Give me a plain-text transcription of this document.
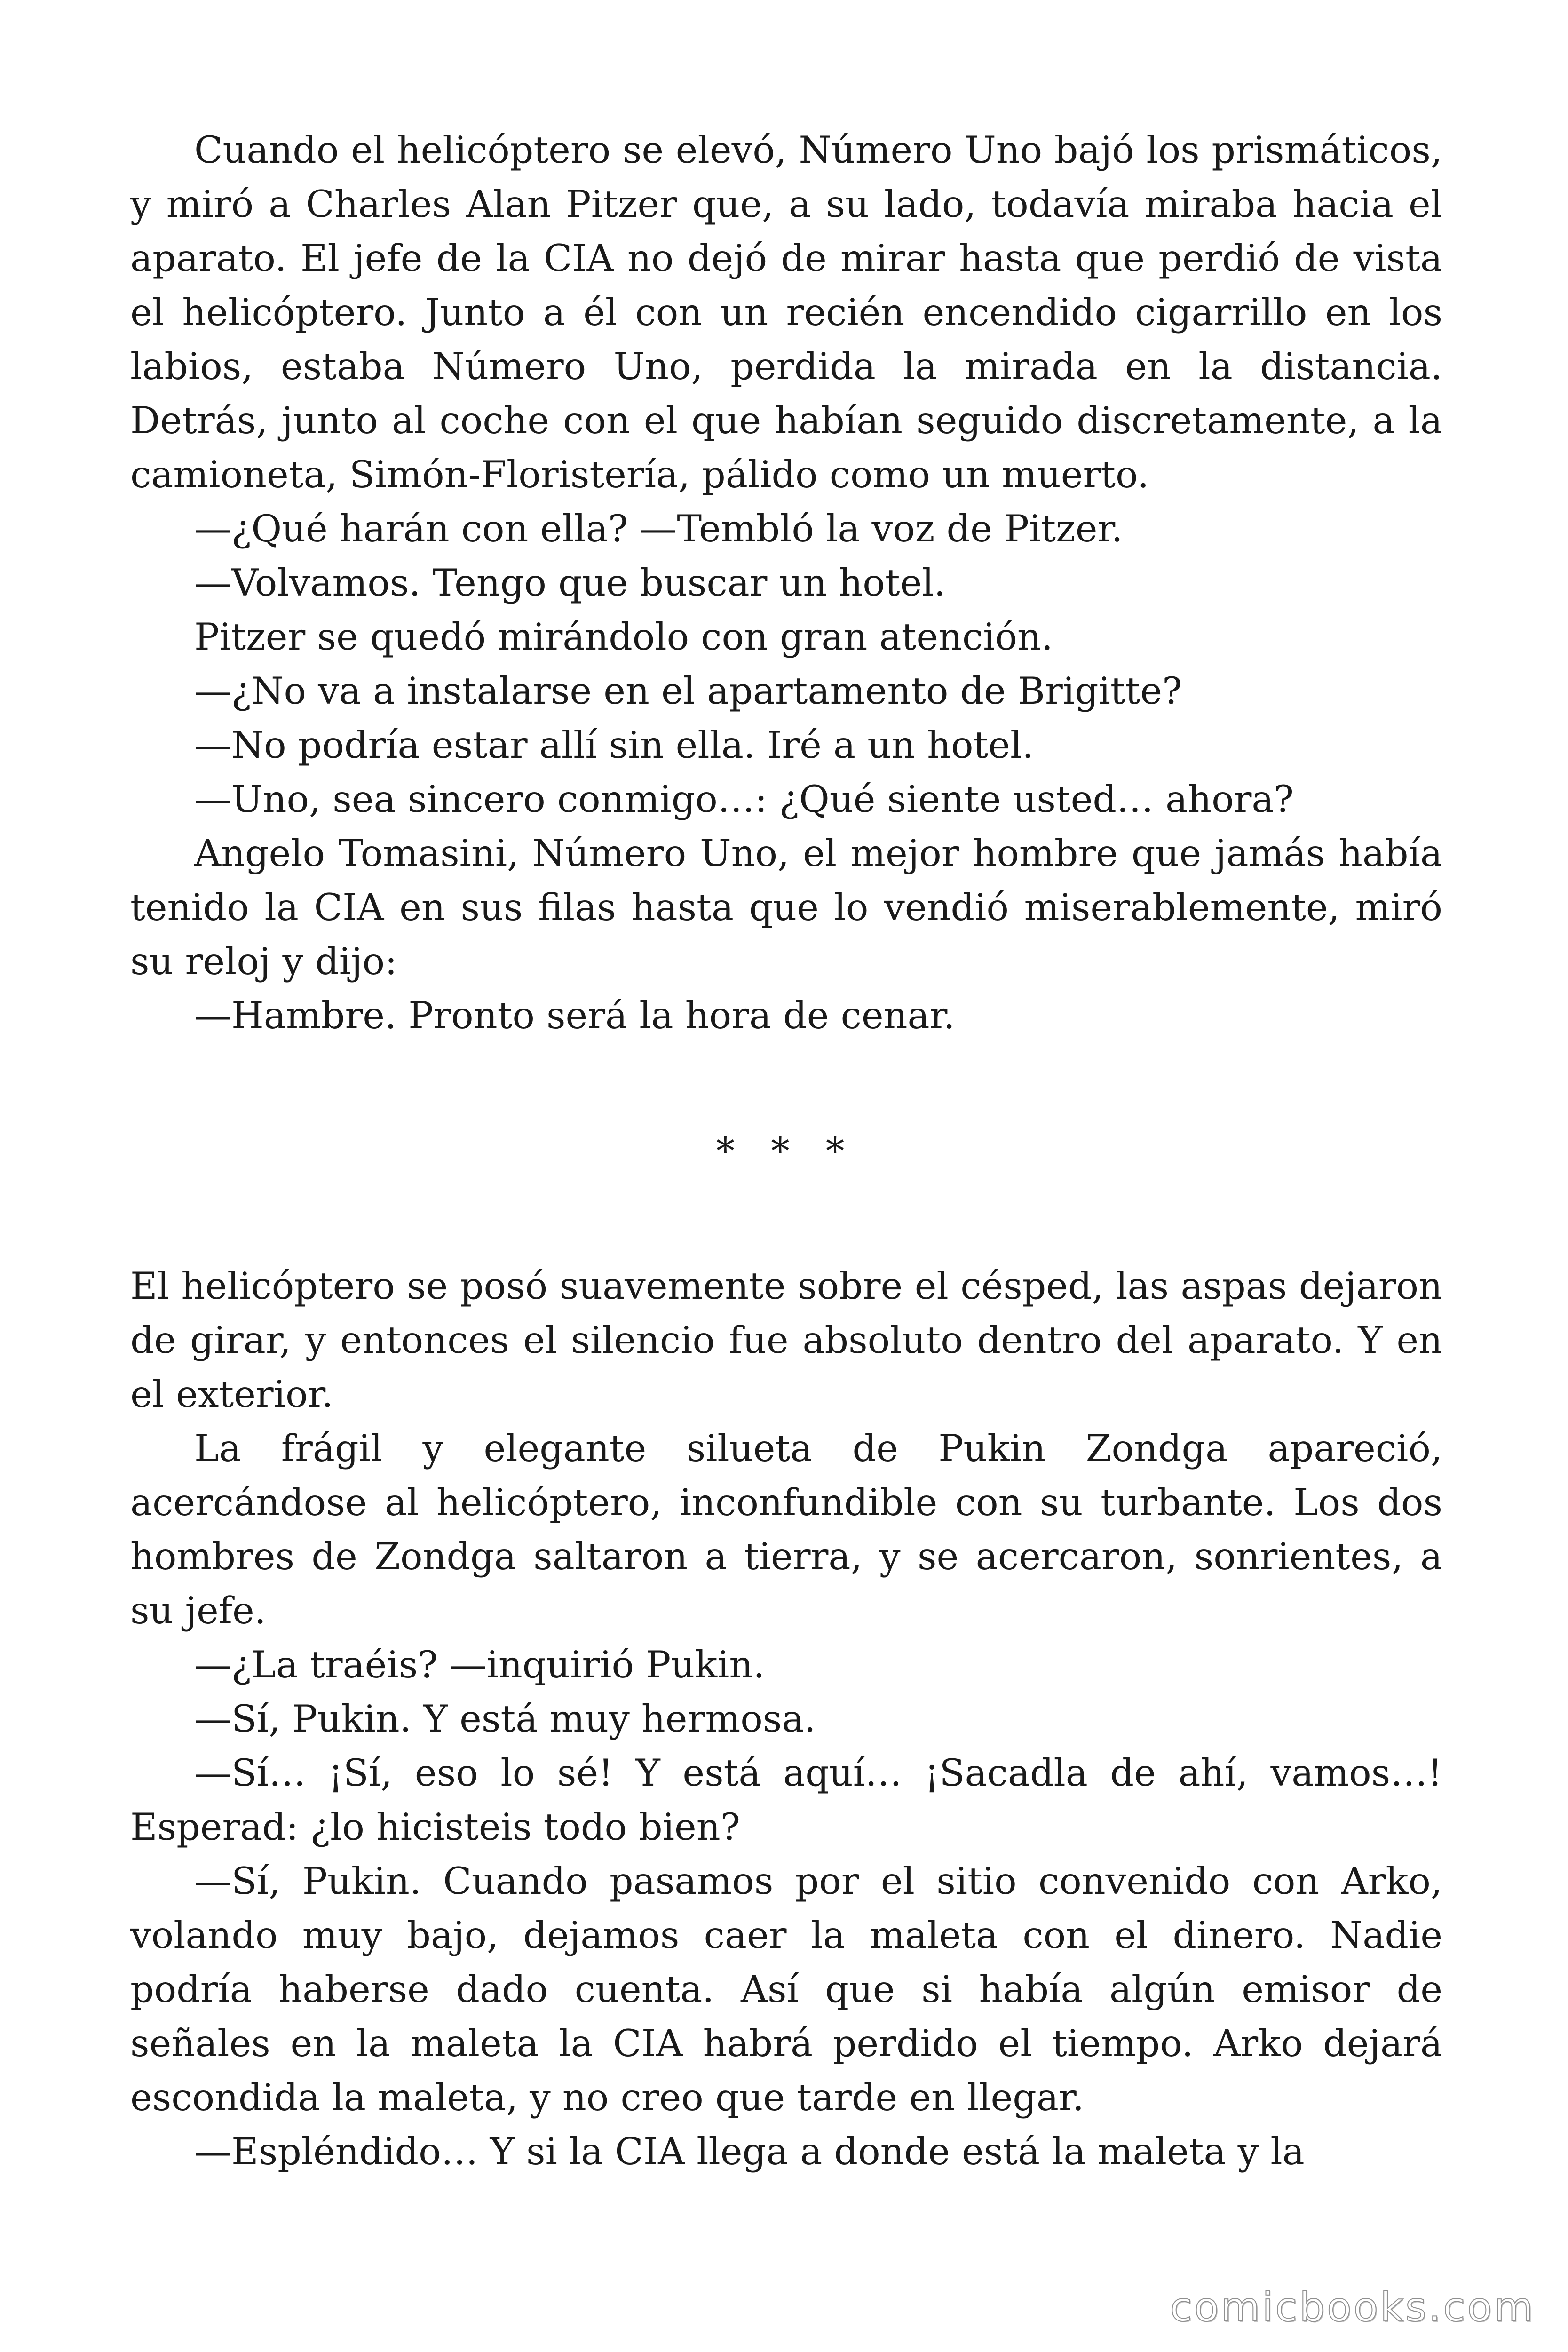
Cuando el helicóptero se elevó, Número Uno bajó los prismáticos, y miró a Charles Alan Pitzer que, a su lado, todavía miraba hacia el aparato. El jefe de la CIA no dejó de mirar hasta que perdió de vista el helicóptero. Junto a él con un recién encendido cigarrillo en los labios, estaba Número Uno, perdida la mirada en la distancia. Detrás, junto al coche con el que habían seguido discretamente, a la camioneta, Simón-Floristería, pálido como un muerto.

—¿Qué harán con ella? —Tembló la voz de Pitzer.

—Volvamos. Tengo que buscar un hotel.

Pitzer se quedó mirándolo con gran atención.

—¿No va a instalarse en el apartamento de Brigitte?

—No podría estar allí sin ella. Iré a un hotel.

—Uno, sea sincero conmigo…: ¿Qué siente usted… ahora?

Angelo Tomasini, Número Uno, el mejor hombre que jamás había tenido la CIA en sus filas hasta que lo vendió miserablemente, miró su reloj y dijo:

—Hambre. Pronto será la hora de cenar.

* * *

El helicóptero se posó suavemente sobre el césped, las aspas dejaron de girar, y entonces el silencio fue absoluto dentro del aparato. Y en el exterior.

La frágil y elegante silueta de Pukin Zondga apareció, acercándose al helicóptero, inconfundible con su turbante. Los dos hombres de Zondga saltaron a tierra, y se acercaron, sonrientes, a su jefe.

—¿La traéis? —inquirió Pukin.

—Sí, Pukin. Y está muy hermosa.

—Sí… ¡Sí, eso lo sé! Y está aquí… ¡Sacadla de ahí, vamos…! Esperad: ¿lo hicisteis todo bien?

—Sí, Pukin. Cuando pasamos por el sitio convenido con Arko, volando muy bajo, dejamos caer la maleta con el dinero. Nadie podría haberse dado cuenta. Así que si había algún emisor de señales en la maleta la CIA habrá perdido el tiempo. Arko dejará escondida la maleta, y no creo que tarde en llegar.

—Espléndido… Y si la CIA llega a donde está la maleta y la

comicbooks.com
